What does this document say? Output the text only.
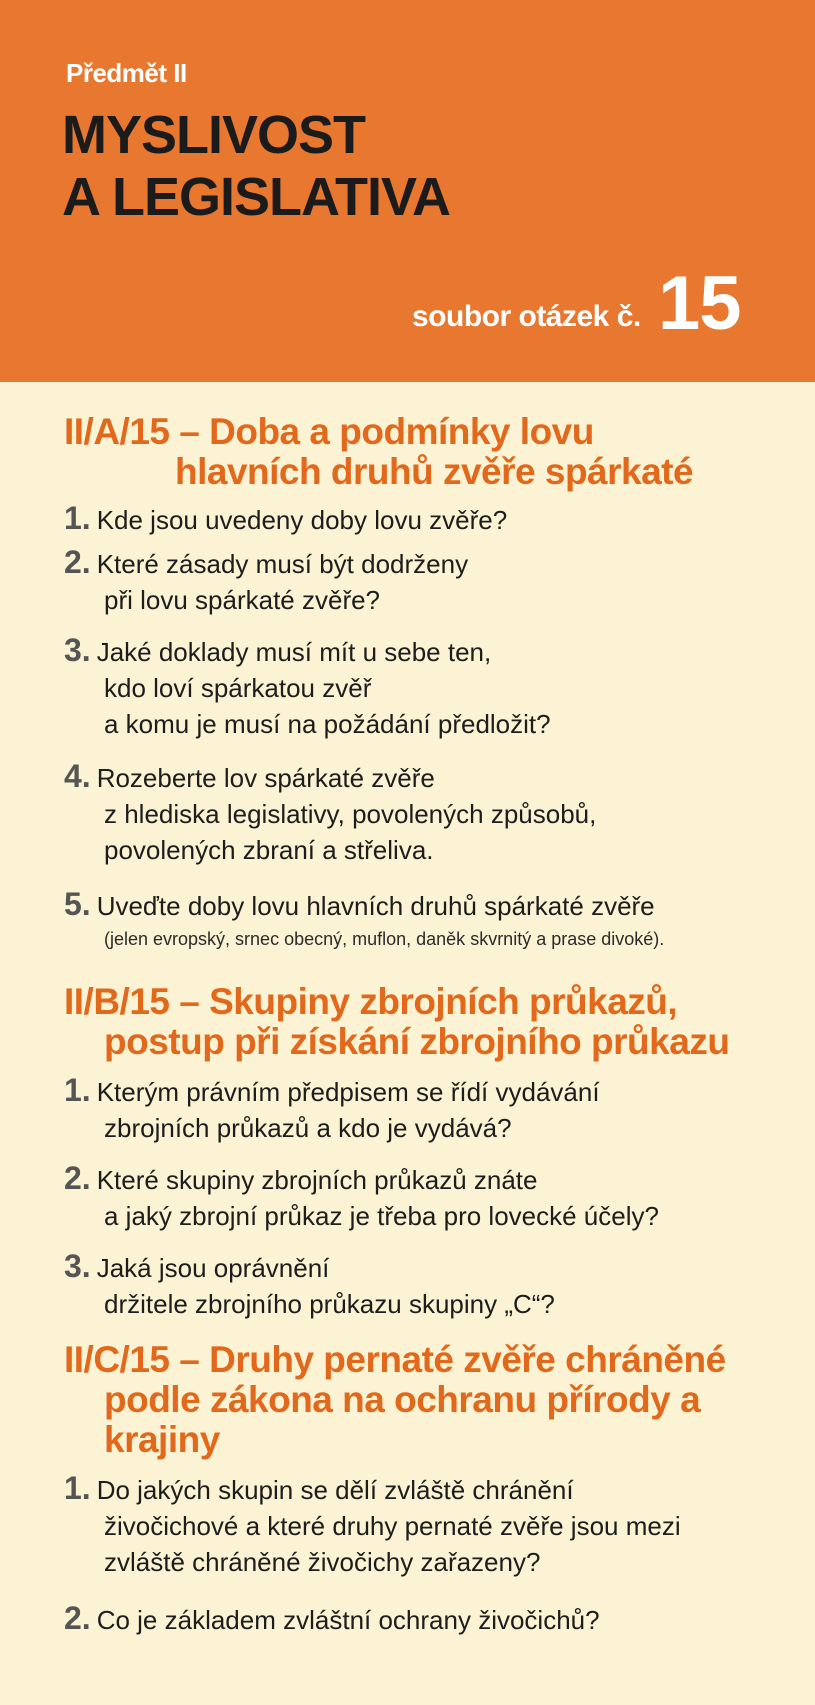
Předmět II
MYSLIVOST
A LEGISLATIVA
soubor otázek č. 15
II/A/15 – Doba a podmínky lovu
hlavních druhů zvěře spárkaté
1. Kde jsou uvedeny doby lovu zvěře?
2. Které zásady musí být dodrženy
při lovu spárkaté zvěře?
3. Jaké doklady musí mít u sebe ten,
kdo loví spárkatou zvěř
a komu je musí na požádání předložit?
4. Rozeberte lov spárkaté zvěře
z hlediska legislativy, povolených způsobů,
povolených zbraní a střeliva.
5. Uveďte doby lovu hlavních druhů spárkaté zvěře
(jelen evropský, srnec obecný, muflon, daněk skvrnitý a prase divoké).
II/B/15 – Skupiny zbrojních průkazů,
postup při získání zbrojního průkazu
1. Kterým právním předpisem se řídí vydávání
zbrojních průkazů a kdo je vydává?
2. Které skupiny zbrojních průkazů znáte
a jaký zbrojní průkaz je třeba pro lovecké účely?
3. Jaká jsou oprávnění
držitele zbrojního průkazu skupiny „C“?
II/C/15 – Druhy pernaté zvěře chráněné
podle zákona na ochranu přírody a
krajiny
1. Do jakých skupin se dělí zvláště chránění
živočichové a které druhy pernaté zvěře jsou mezi
zvláště chráněné živočichy zařazeny?
2. Co je základem zvláštní ochrany živočichů?
